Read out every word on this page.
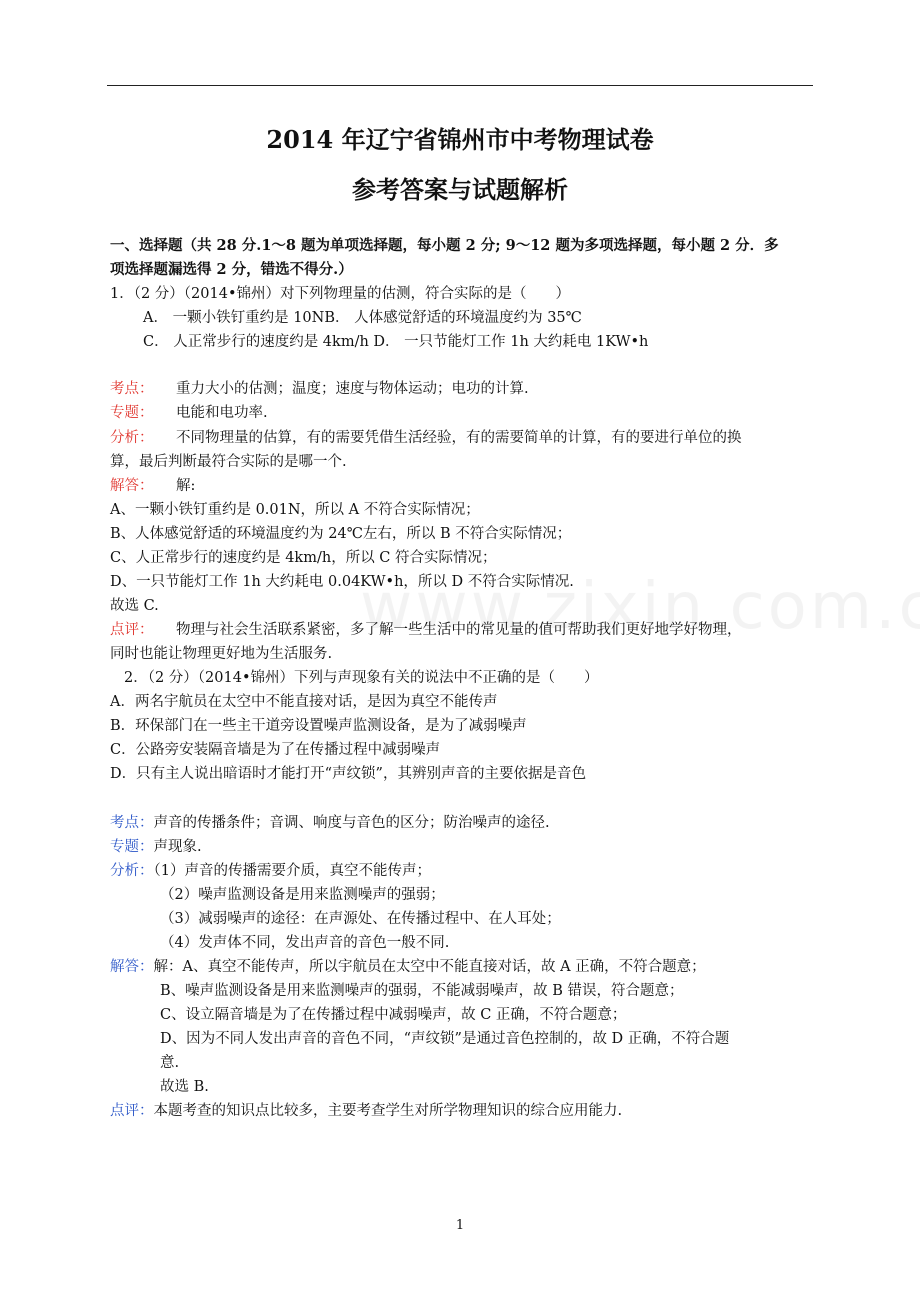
2014 年辽宁省锦州市中考物理试卷
参考答案与试题解析
一、选择题（共 28 分.1～8 题为单项选择题，每小题 2 分; 9～12 题为多项选择题，每小题 2 分．多
项选择题漏选得 2 分，错选不得分.）
1．（2 分）（2014•锦州）对下列物理量的估测，符合实际的是（　　）
A． 一颗小铁钉重约是 10NB． 人体感觉舒适的环境温度约为 35℃
C． 人正常步行的速度约是 4km/h D． 一只节能灯工作 1h 大约耗电 1KW•h
考点： 重力大小的估测；温度；速度与物体运动；电功的计算.
专题： 电能和电功率.
分析： 不同物理量的估算，有的需要凭借生活经验，有的需要简单的计算，有的要进行单位的换
算，最后判断最符合实际的是哪一个.
解答： 解:
A、一颗小铁钉重约是 0.01N，所以 A 不符合实际情况；
B、人体感觉舒适的环境温度约为 24℃左右，所以 B 不符合实际情况；
C、人正常步行的速度约是 4km/h，所以 C 符合实际情况；
D、一只节能灯工作 1h 大约耗电 0.04KW•h，所以 D 不符合实际情况.
故选 C.
点评： 物理与社会生活联系紧密，多了解一些生活中的常见量的值可帮助我们更好地学好物理，
同时也能让物理更好地为生活服务.
2．（2 分）（2014•锦州）下列与声现象有关的说法中不正确的是（　　）
A．两名宇航员在太空中不能直接对话，是因为真空不能传声
B．环保部门在一些主干道旁设置噪声监测设备，是为了减弱噪声
C．公路旁安装隔音墙是为了在传播过程中减弱噪声
D．只有主人说出暗语时才能打开“声纹锁”，其辨别声音的主要依据是音色
考点：声音的传播条件；音调、响度与音色的区分；防治噪声的途径.
专题：声现象.
分析：（1）声音的传播需要介质，真空不能传声；
（2）噪声监测设备是用来监测噪声的强弱；
（3）减弱噪声的途径：在声源处、在传播过程中、在人耳处；
（4）发声体不同，发出声音的音色一般不同.
解答：解：A、真空不能传声，所以宇航员在太空中不能直接对话，故 A 正确，不符合题意；
B、噪声监测设备是用来监测噪声的强弱，不能减弱噪声，故 B 错误，符合题意；
C、设立隔音墙是为了在传播过程中减弱噪声，故 C 正确，不符合题意；
D、因为不同人发出声音的音色不同，“声纹锁”是通过音色控制的，故 D 正确，不符合题
意.
故选 B.
点评：本题考查的知识点比较多，主要考查学生对所学物理知识的综合应用能力.
1
